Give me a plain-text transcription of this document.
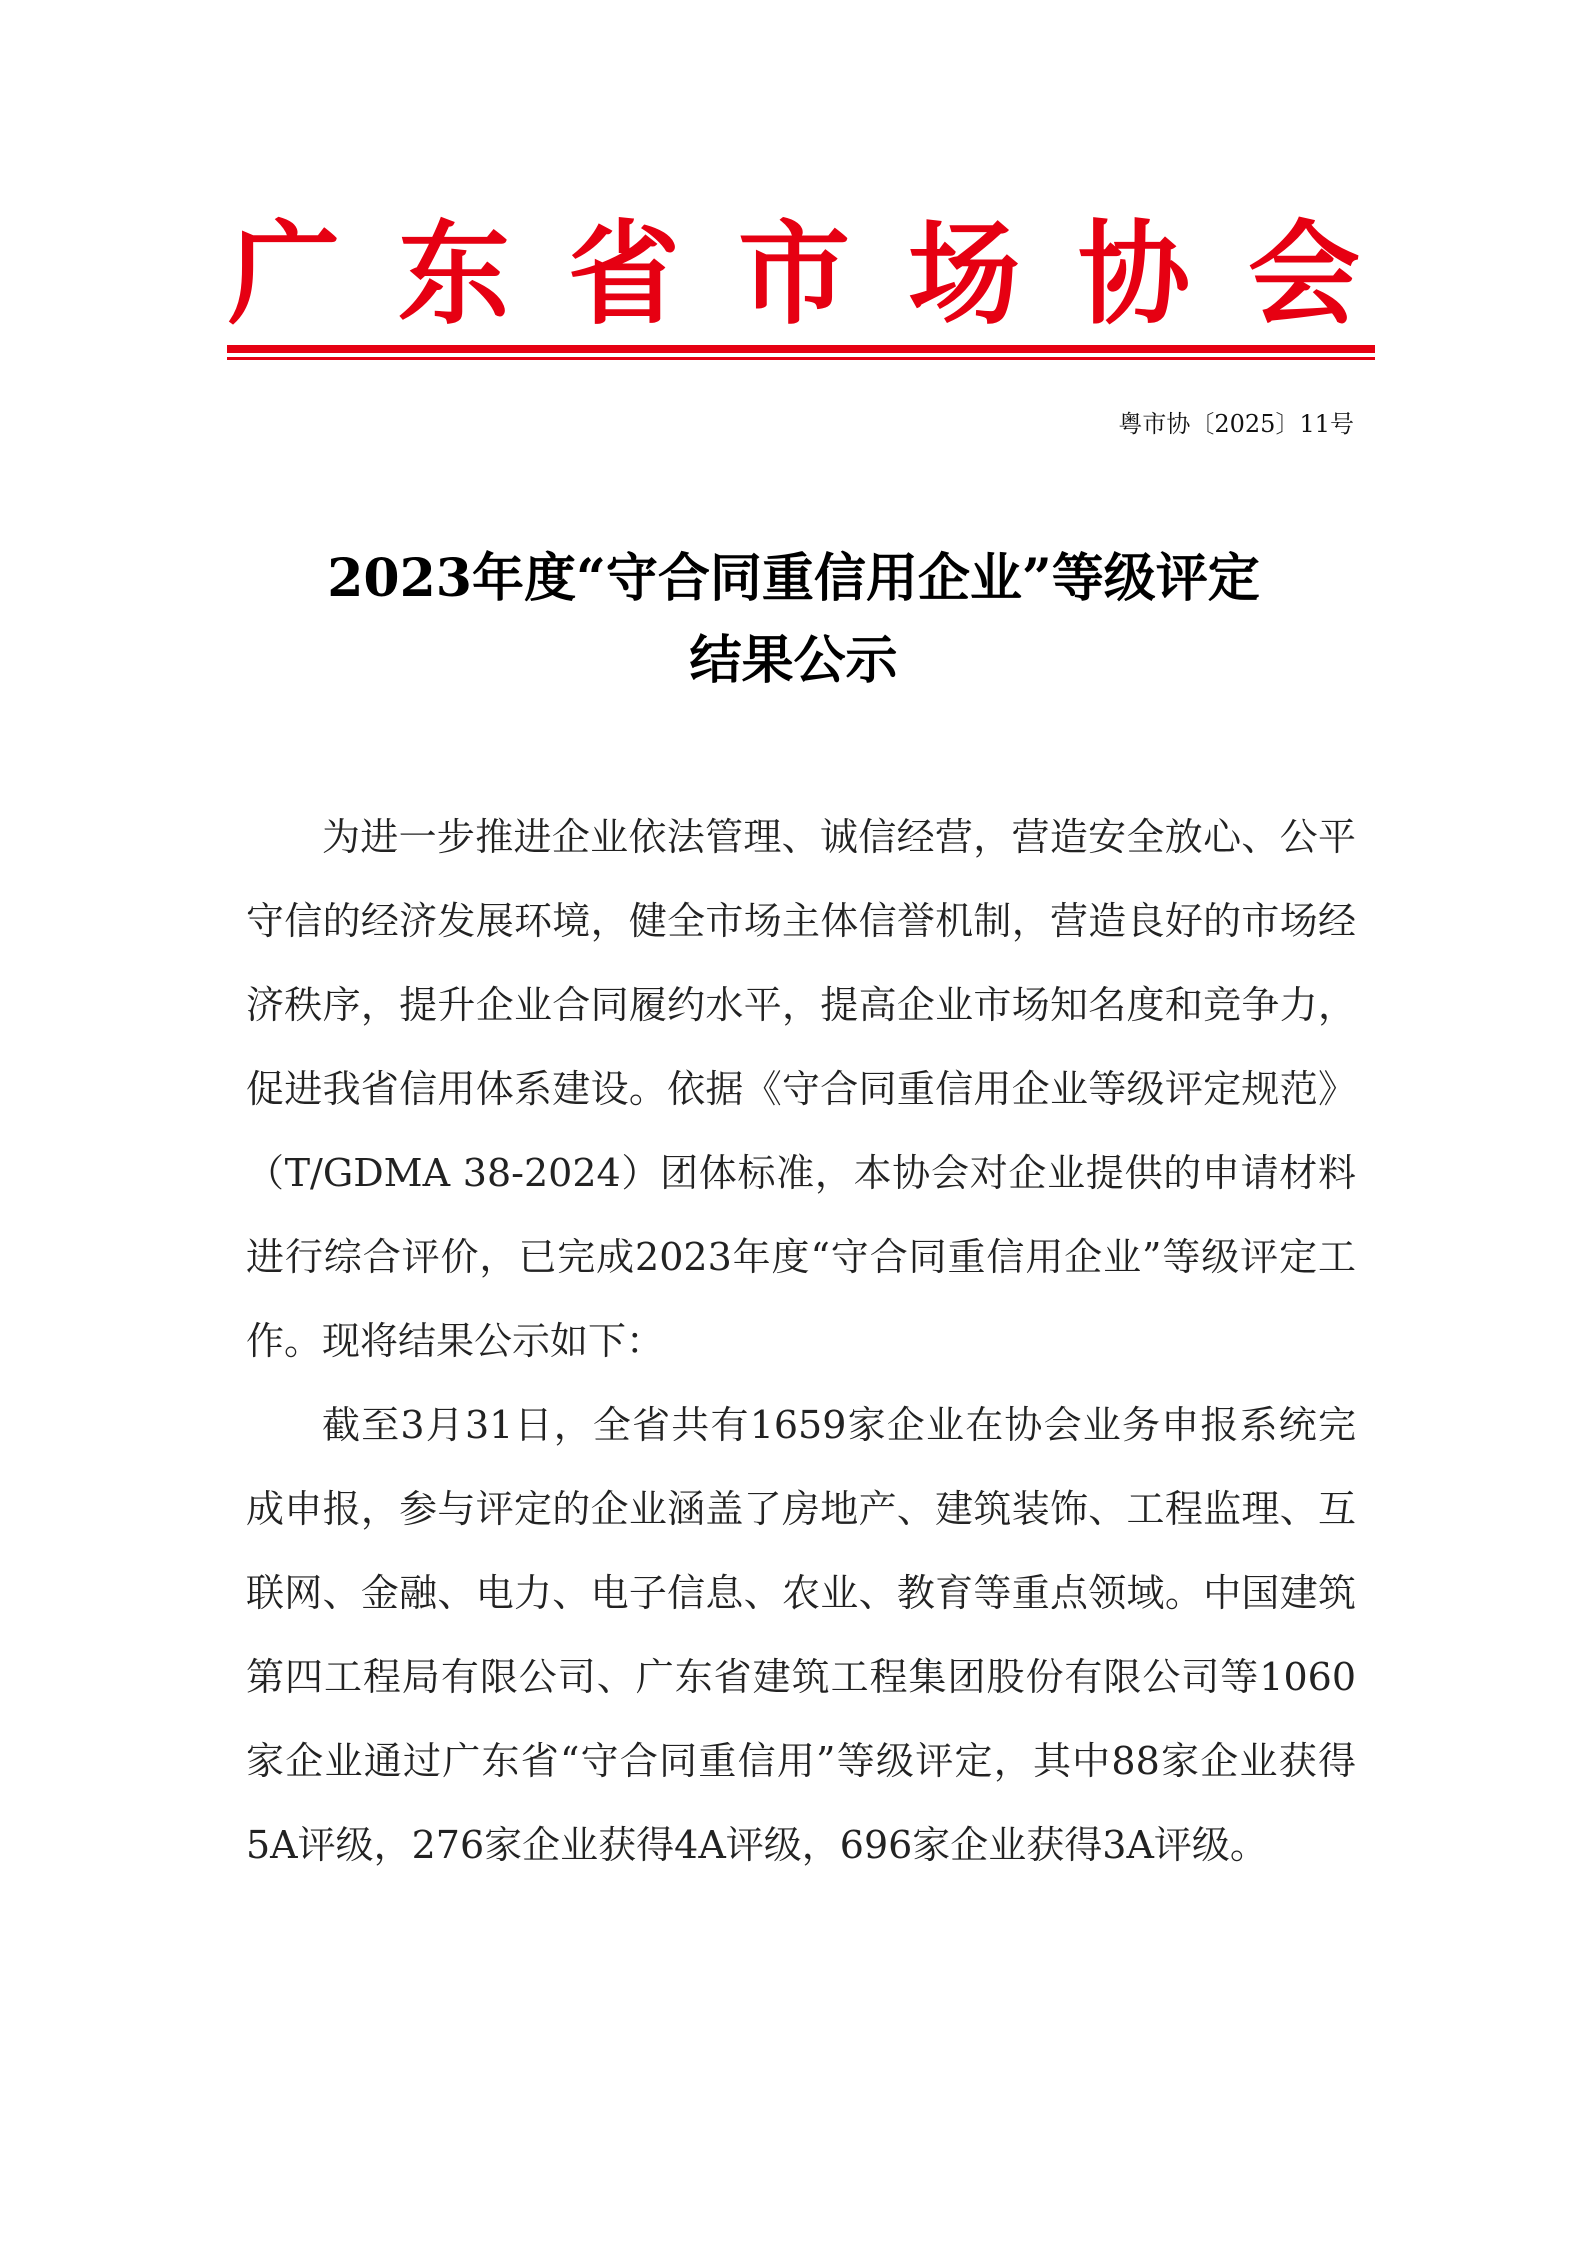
广东省市场协会
粤市协〔2025〕11号
2023年度“守合同重信用企业”等级评定
结果公示

为进一步推进企业依法管理、诚信经营，营造安全放心、公平守信的经济发展环境，健全市场主体信誉机制，营造良好的市场经济秩序，提升企业合同履约水平，提高企业市场知名度和竞争力，促进我省信用体系建设。依据《守合同重信用企业等级评定规范》（T/GDMA 38-2024）团体标准，本协会对企业提供的申请材料进行综合评价，已完成2023年度“守合同重信用企业”等级评定工作。现将结果公示如下：

截至3月31日，全省共有1659家企业在协会业务申报系统完成申报，参与评定的企业涵盖了房地产、建筑装饰、工程监理、互联网、金融、电力、电子信息、农业、教育等重点领域。中国建筑第四工程局有限公司、广东省建筑工程集团股份有限公司等1060家企业通过广东省“守合同重信用”等级评定，其中88家企业获得5A评级，276家企业获得4A评级，696家企业获得3A评级。
